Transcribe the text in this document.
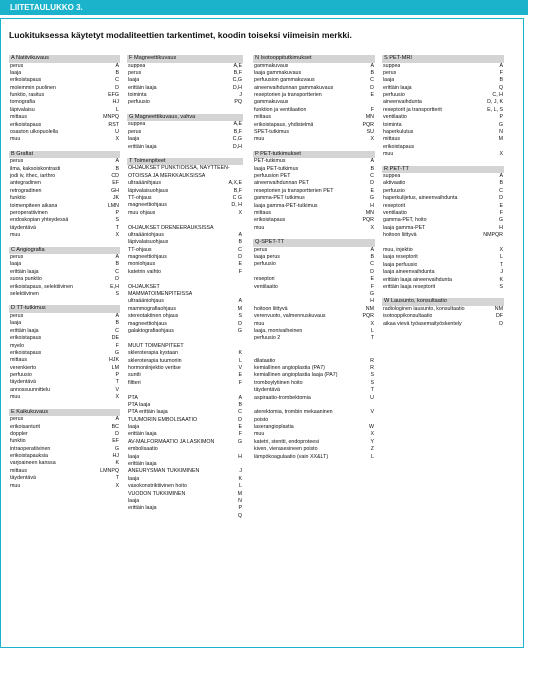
LIITETAULUKKO 3.
Luokituksessa käytetyt modaliteettien tarkentimet, koodin toiseksi viimeisin merkki.
A Natiivikuvaus
perus	A
laaja	B
erikoistapaus	C
molemmin puolinen	D
funktio, rasitus	EFG
tomografia	HJ
läpivalaisu	L
mittaus	MNPQ
erikoistapaus	RST
osaston ulkopuolella	U
muu	X
B Grafiat
perus	A
ilma, kaksoiskontrasti	B
jodi iv, ithec, iarthro	CD
antegradinen	EF
retrogradinen	GH
funktio	JK
toimenpiteen aikana	LMN
peroperatiivinen	P
endoskopian yhteydessä	S
täydentävä	T
muu	X
C Angiografia
perus	A
laaja	B
erittäin laaja	C
suora punktio	D
erikoistapaus, selektiivinen	E,H
selektiivinen	S
D TT-tutkimus
perus	A
laaja	B
erittäin laaja	C
erikoistapaus	DE
myelo	F
erikoistapaus	G
mittaus	HJK
verenkierto	LM
perfuusio	P
täydentävä	T
annossuunnittelu	V
muu	X
E Kaikukuvaus
perus	A
erikoisanturit	BC
doppler	D
funktio	EF
intraoperatiivinen	G
erikoistapauksia	HJ
varjoaineen kanssa	K
mittaus	LMNPQ
täydentävä	T
muu	X
F Magneettikuvaus
suppea	A,E
perus	B,F
laaja	C,G
erittäin laaja	D,H
toiminta	J
perfuusio	PQ
G Magneettikuvaus, vahva
suppea	A,E
perus	B,F
laaja	C,G
erittäin laaja	D,H
T Toimenpiteet
OHJAUKSET PUNKTIOISSA, NÄYTTEEN-
OTOISSA JA MERKKAUKSISSA
ultraäänihjaus	A,X,E
läpivalaisuohjaus	B,F
TT-ohjaus	C G
magneettiohjaus	D, H
muu ohjaus	X
OHJAUKSET DRENEERAUKSISSA
ultraääniohjaus	A
läpivalaisuohjaus	B
TT-ohjaus	C
magneettiohjaus	D
moniohjaus	E
katetrin vaihto	F
OHJAUKSET
MAMMATOIMENPITEISSÄ
ultraääniohjaus	A
mammografiaohjaus	M
stereotaktinen ohjaus	S
magneettiohjaus	D
galaktografiaohjaus	G
MUUT TOIMENPITEET
skleroterapia kystaan	K
skleroterapia tuumoriin	L
hormoniinjektio veritse	V
suntti	E
filtteri	F
PTA	A
PTA laaja	B
PTA erittäin laaja	C
TUUMORIN EMBOLISAATIO	D
laaja	E
erittäin laaja	F
AV-MALFORMAATIO JA LASKIMON	G
embolisaatio
laaja	H
erittäin laaja
ANEURYSMAN TUKKIMINEN	J
laaja	K
vasokonstriktiivinen hoito	L
VUODON TUKKIMINEN	M
laaja	N
erittäin laaja	P
Q
N Isotooppitutkimukset
gammakuvaus	A
laaja gammakuvaus	B
perfuusion gammakuvaus	C
aineenvaihdunnan gammakuvaus	D
reseptorien ja transportterien	E
gammakuvaus
funktion ja ventilaation	F
mittaus	MN
erikoistapaus, yhdistelmä	PQR
SPET-tutkimus	SU
muu	X
P PET-tutkimukset
PET-tutkimus	A
laaja PET-tutkimus	B
perfuusion PET	C
aineenvaihdunnan PET	D
reseptorien ja transportterien PET	E
gamma-PET tutkimus	G
laaja gamma-PET-tutkimus	H
mittaus	MN
erikoistapaus	PQR
muu	X
Q-SPET-TT
perus	A
laaja perus	B
perfuusio	C
D
reseptori	E
ventilaatio	F
G
H
hoitoon liittyvä	NM
verenvuoto, valmennuskuvaus	PQR
muu	X
laaja, monivaiheinen	L
perfuusio 2	T
dilataatio	R
kemiallinen angioplastia (PA7)	R
kemiallinen angioplastia laaja (PA7)	S
tromboylytiinen hoito	S
täydentävä	T
aspiraatio-trombektomia	U
aterektomia, trombin mekaaninen	V
poisto
laserangioplastia	W
muu	X
katetri, stentti, endoproteesi	Y
kiven, vierasesineen poisto	Z
lämpökoagulaatio (vain XX&LT)	L
S PET-MRI
suppea	A
perus	F
laaja	B
erittäin laaja	Q
perfuusio	C, H
aineenvaihdunta	D, J, K
reseptorit ja transportterit	E, L, S
ventilaatio	P
toiminta	G
haperkulutus	N
mittaus	M
erikoistapaus
muu	X
R PET-TT
suppea	A
aktivaatio	B
perfuusio	C
haperkulijetus, aineenvaihdunta	D
reseptorit	E
ventilaatio	F
gamma-PET, hoito	G
laaja gamma-PET	H
hoitoon liittyvä	NMPQR
muu, injektio	X
laaja reseptorit	L
laaja perfuusio	T
laaja aineenvaihdunta	J
erittäin laaja aineenvaihdunta	K
erittäin laaja reseptorit	S
W Lausunto, konsultaatio
radiologinen lausunto, konsultaatio	NM
isotooppikonsultaatio	DF
aikaa vievä työasemaityöskentely	D
